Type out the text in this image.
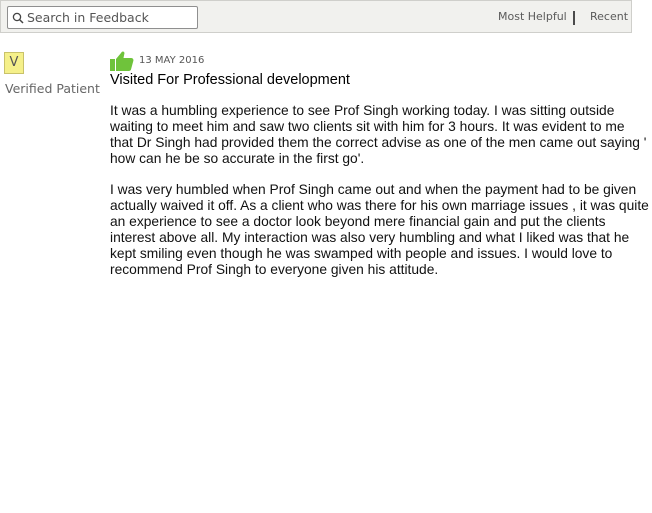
Search in Feedback
Most Helpful Recent
V
Verified Patient
13 MAY 2016
Visited For Professional development

It was a humbling experience to see Prof Singh working today. I was sitting outside waiting to meet him and saw two clients sit with him for 3 hours. It was evident to me that Dr Singh had provided them the correct advise as one of the men came out saying ' how can he be so accurate in the first go'.

I was very humbled when Prof Singh came out and when the payment had to be given actually waived it off. As a client who was there for his own marriage issues , it was quite an experience to see a doctor look beyond mere financial gain and put the clients interest above all. My interaction was also very humbling and what I liked was that he kept smiling even though he was swamped with people and issues. I would love to recommend Prof Singh to everyone given his attitude.
